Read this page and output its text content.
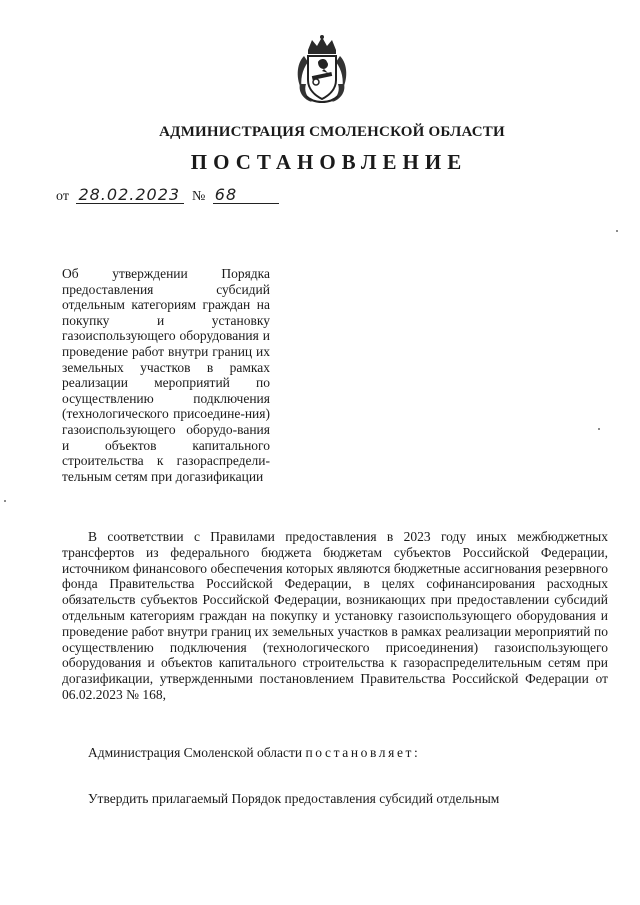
АДМИНИСТРАЦИЯ СМОЛЕНСКОЙ ОБЛАСТИ
ПОСТАНОВЛЕНИЕ
от 28.02.2023 № 68

Об утверждении Порядка предоставления субсидий отдельным категориям граждан на покупку и установку газоиспользующего оборудования и проведение работ внутри границ их земельных участков в рамках реализации мероприятий по осуществлению подключения (технологического присоедине-ния) газоиспользующего оборудо-вания и объектов капитального строительства к газораспредели-тельным сетям при догазификации

В соответствии с Правилами предоставления в 2023 году иных межбюджетных трансфертов из федерального бюджета бюджетам субъектов Российской Федерации, источником финансового обеспечения которых являются бюджетные ассигнования резервного фонда Правительства Российской Федерации, в целях софинансирования расходных обязательств субъектов Российской Федерации, возникающих при предоставлении субсидий отдельным категориям граждан на покупку и установку газоиспользующего оборудования и проведение работ внутри границ их земельных участков в рамках реализации мероприятий по осуществлению подключения (технологического присоединения) газоиспользующего оборудования и объектов капитального строительства к газораспределительным сетям при догазификации, утвержденными постановлением Правительства Российской Федерации от 06.02.2023 № 168,

Администрация Смоленской области постановляет:

Утвердить прилагаемый Порядок предоставления субсидий отдельным
